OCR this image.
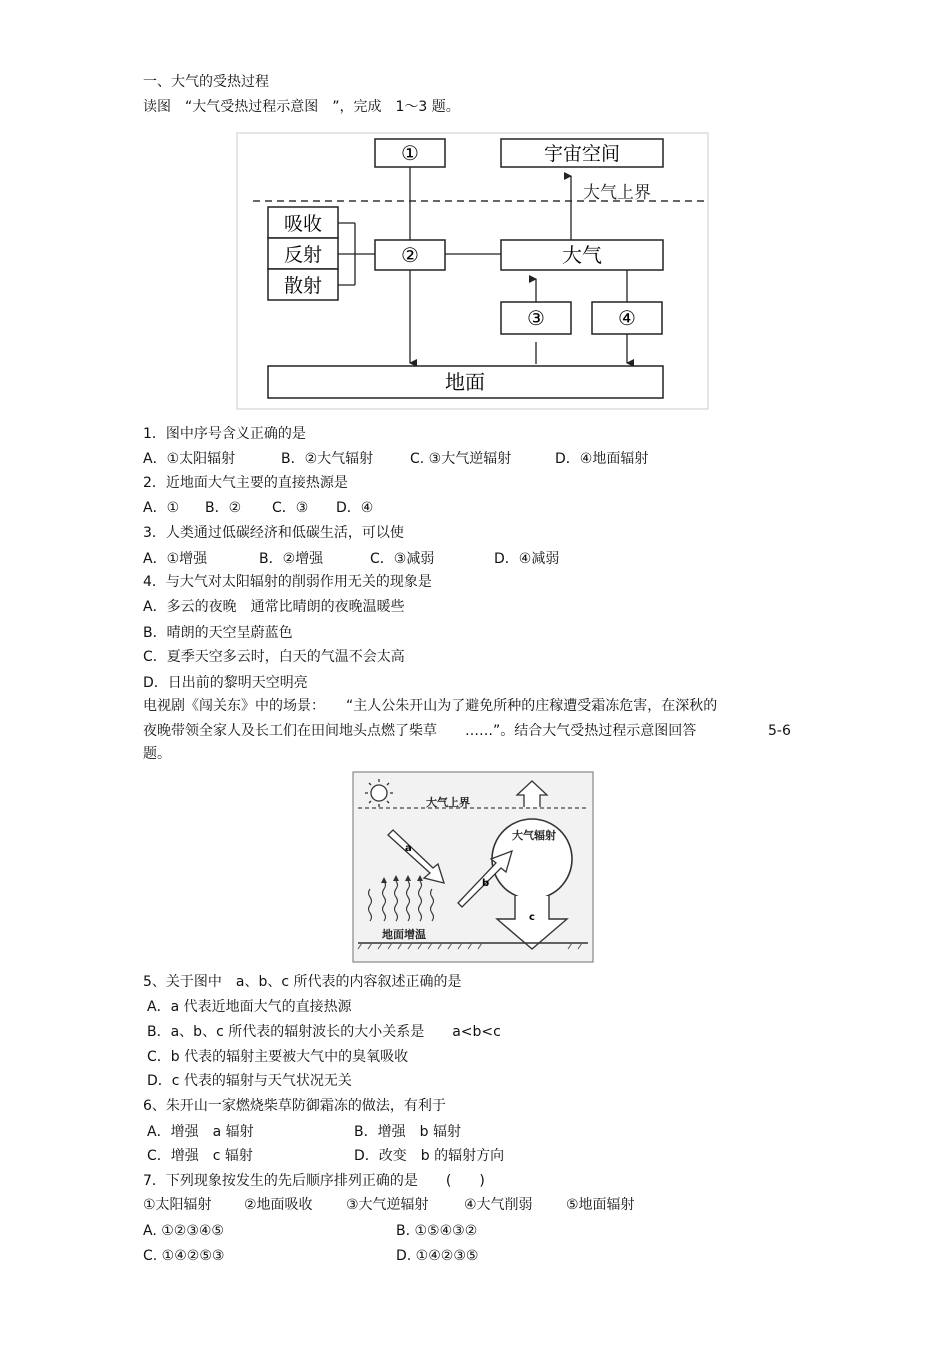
一、大气的受热过程
读图　“大气受热过程示意图　”，完成　1～3 题。
大气上界
①	宇宙空间
吸收
反射
散射
②	大气
③	④
地面
1．图中序号含义正确的是
A．①太阳辐射	B．②大气辐射	C. ③大气逆辐射	D．④地面辐射
2．近地面大气主要的直接热源是
A．① B．② C．③ D．④
3．人类通过低碳经济和低碳生活，可以使
A．①增强	B．②增强	C．③减弱	D．④减弱
4．与大气对太阳辐射的削弱作用无关的现象是
A．多云的夜晚　通常比晴朗的夜晚温暖些
B．晴朗的天空呈蔚蓝色
C．夏季天空多云时，白天的气温不会太高
D．日出前的黎明天空明亮
电视剧《闯关东》中的场景：　　“主人公朱开山为了避免所种的庄稼遭受霜冻危害，在深秋的
夜晚带领全家人及长工们在田间地头点燃了柴草　　……”。结合大气受热过程示意图回答	5-6
题。
大气上界
大气辐射
a
b
c
地面增温
5、关于图中　a、b、c 所代表的内容叙述正确的是
A．a 代表近地面大气的直接热源
B．a、b、c 所代表的辐射波长的大小关系是　　a<b<c
C．b 代表的辐射主要被大气中的臭氧吸收
D．c 代表的辐射与天气状况无关
6、朱开山一家燃烧柴草防御霜冻的做法，有利于
A．增强　a 辐射	B．增强　b 辐射
C．增强　c 辐射	D．改变　b 的辐射方向
7．下列现象按发生的先后顺序排列正确的是　　(　　)
①太阳辐射 ②地面吸收 ③大气逆辐射	④大气削弱 ⑤地面辐射
A. ①②③④⑤	B. ①⑤④③②
C. ①④②⑤③	D. ①④②③⑤
